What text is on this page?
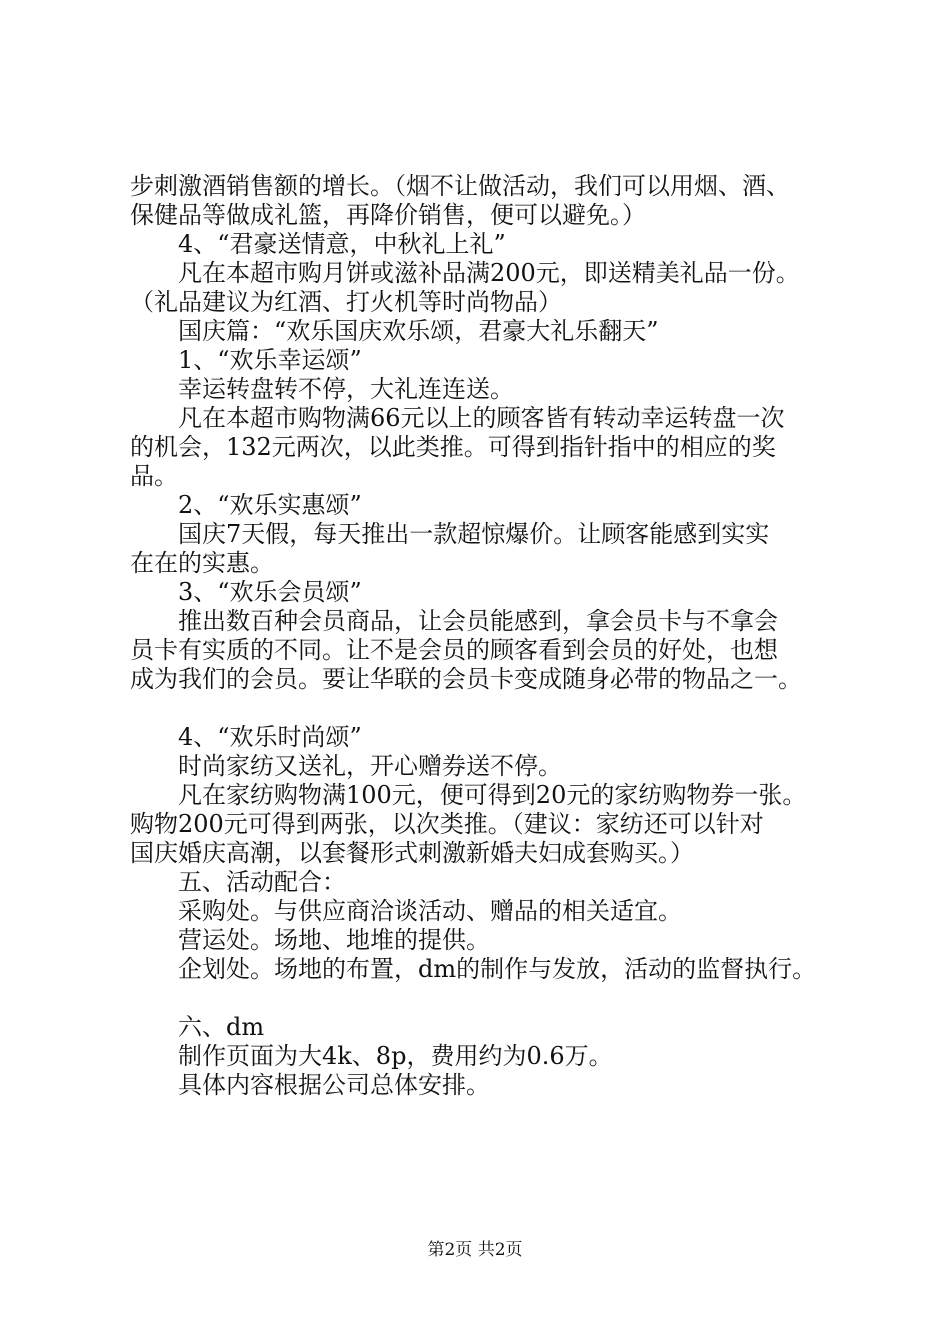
步刺激酒销售额的增长。（烟不让做活动，我们可以用烟、酒、
保健品等做成礼篮，再降价销售，便可以避免。）
4、“君豪送情意，中秋礼上礼”
凡在本超市购月饼或滋补品满200元，即送精美礼品一份。
（礼品建议为红酒、打火机等时尚物品）
国庆篇：“欢乐国庆欢乐颂，君豪大礼乐翻天”
1、“欢乐幸运颂”
幸运转盘转不停，大礼连连送。
凡在本超市购物满66元以上的顾客皆有转动幸运转盘一次
的机会，132元两次，以此类推。可得到指针指中的相应的奖
品。
2、“欢乐实惠颂”
国庆7天假，每天推出一款超惊爆价。让顾客能感到实实
在在的实惠。
3、“欢乐会员颂”
推出数百种会员商品，让会员能感到，拿会员卡与不拿会
员卡有实质的不同。让不是会员的顾客看到会员的好处，也想
成为我们的会员。要让华联的会员卡变成随身必带的物品之一。
4、“欢乐时尚颂”
时尚家纺又送礼，开心赠券送不停。
凡在家纺购物满100元，便可得到20元的家纺购物券一张。
购物200元可得到两张，以次类推。（建议：家纺还可以针对
国庆婚庆高潮，以套餐形式刺激新婚夫妇成套购买。）
五、活动配合：
采购处。与供应商洽谈活动、赠品的相关适宜。
营运处。场地、地堆的提供。
企划处。场地的布置，dm的制作与发放，活动的监督执行。
六、dm
制作页面为大4k、8p，费用约为0.6万。
具体内容根据公司总体安排。
第2页 共2页
